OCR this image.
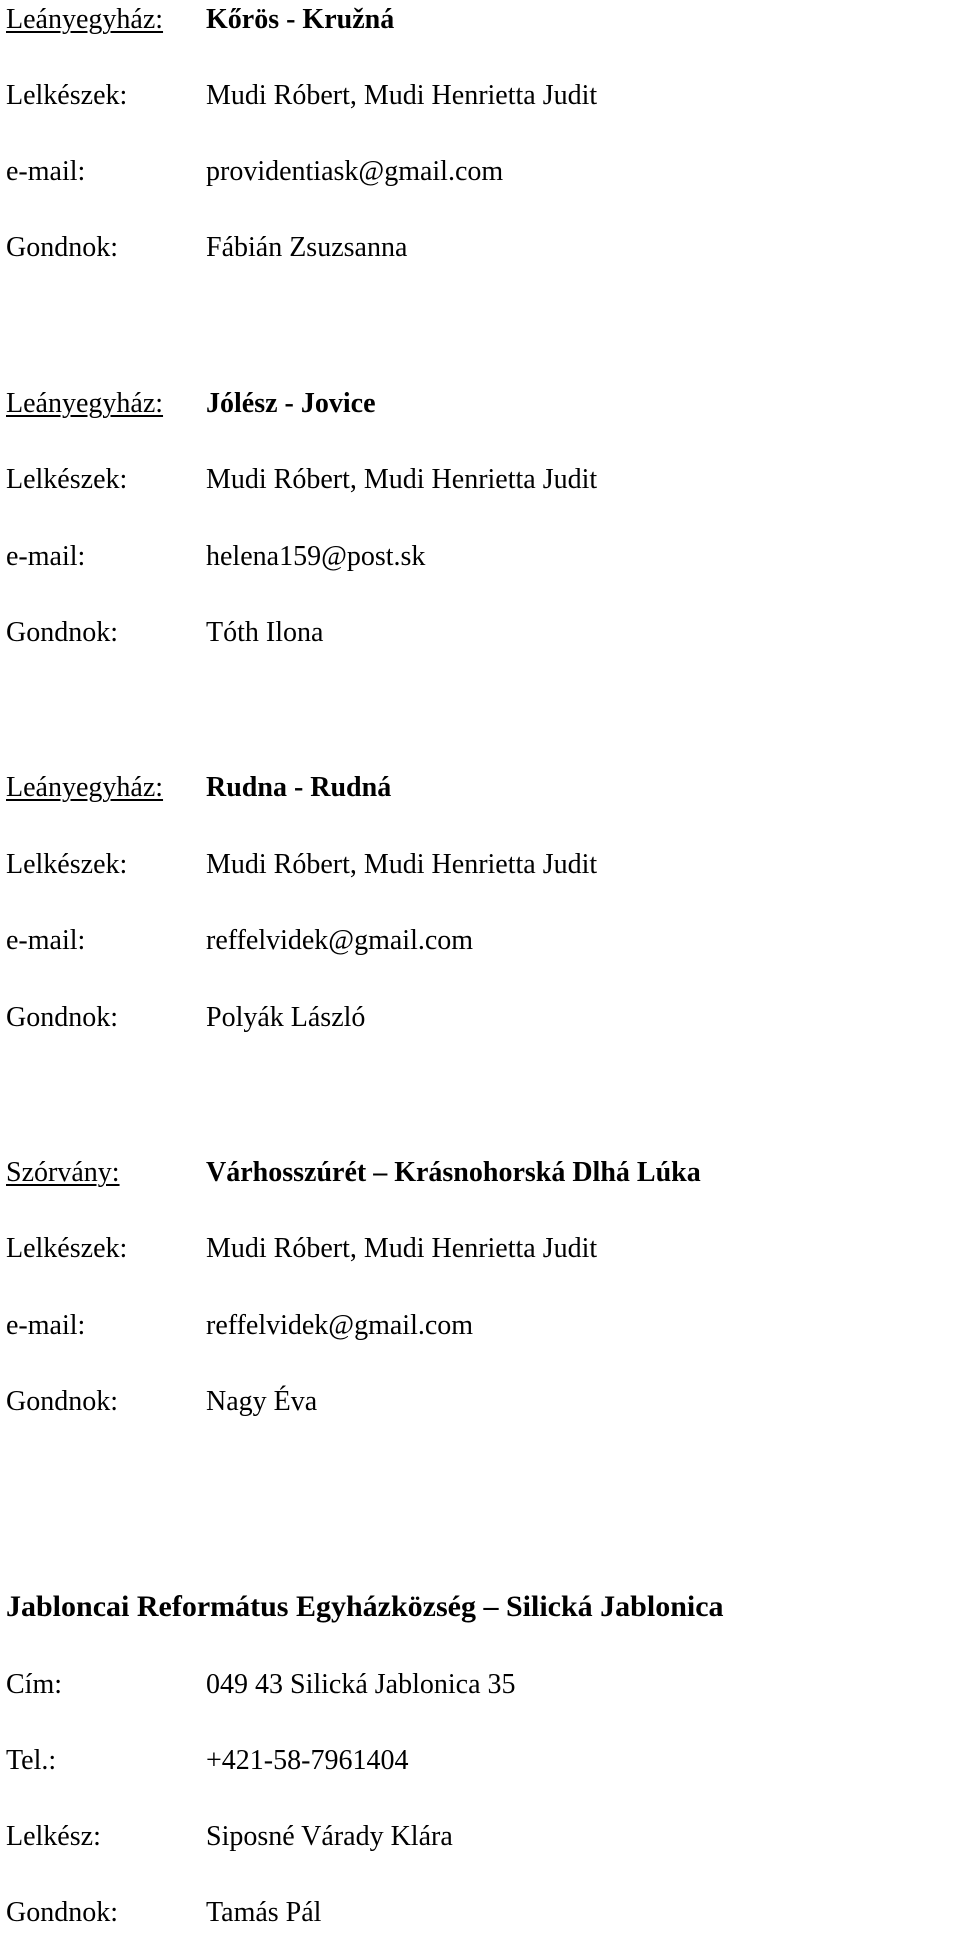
Leányegyház: Kőrös - Kružná
Lelkészek:	Mudi Róbert, Mudi Henrietta Judit
e-mail:	providentiask@gmail.com
Gondnok:	Fábián Zsuzsanna
Leányegyház: Jólész - Jovice
Lelkészek:	Mudi Róbert, Mudi Henrietta Judit
e-mail:	helena159@post.sk
Gondnok:	Tóth Ilona
Leányegyház: Rudna - Rudná
Lelkészek:	Mudi Róbert, Mudi Henrietta Judit
e-mail:	reffelvidek@gmail.com
Gondnok:	Polyák László
Szórvány:	Várhosszúrét – Krásnohorská Dlhá Lúka
Lelkészek:	Mudi Róbert, Mudi Henrietta Judit
e-mail:	reffelvidek@gmail.com
Gondnok:	Nagy Éva
Jabloncai Református Egyházközség – Silická Jablonica
Cím:	049 43 Silická Jablonica 35
Tel.:	+421-58-7961404
Lelkész:	Siposné Várady Klára
Gondnok:	Tamás Pál
